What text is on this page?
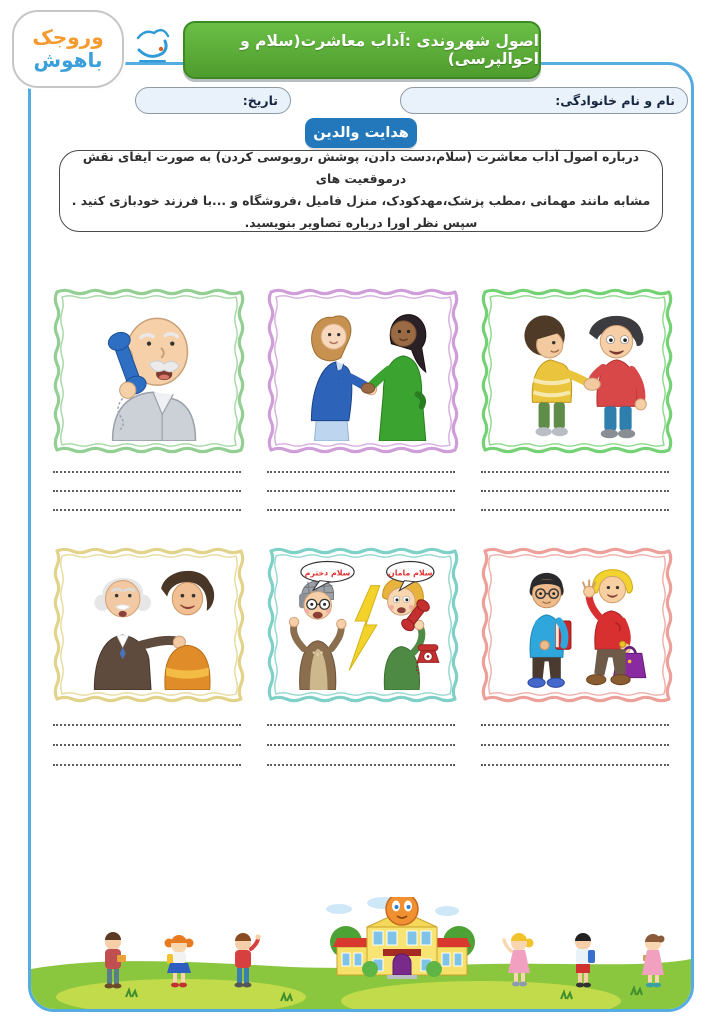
وروجک
باهوش
اصول شهروندی :آداب معاشرت(سلام و احوالپرسی)
نام و نام خانوادگی:
تاریخ:
هدایت والدین
درباره اصول آداب معاشرت (سلام،دست دادن، پوشش ،روبوسی کردن) به صورت ایفای نقش درموقعیت های
مشابه مانند مهمانی ،مطب پزشک،مهدکودک، منزل فامیل ،فروشگاه و ...با فرزند خودبازی کنید .
سپس نظر اورا درباره تصاویر بنویسید.
سلام دخترم	سلام مامان
